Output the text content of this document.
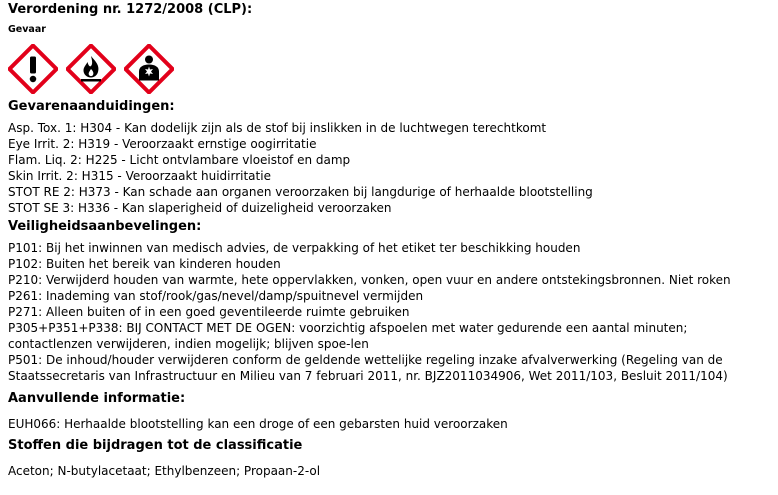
Verordening nr. 1272/2008 (CLP):
Gevaar
Gevarenaanduidingen:
Asp. Tox. 1: H304 - Kan dodelijk zijn als de stof bij inslikken in de luchtwegen terechtkomt
Eye Irrit. 2: H319 - Veroorzaakt ernstige oogirritatie
Flam. Liq. 2: H225 - Licht ontvlambare vloeistof en damp
Skin Irrit. 2: H315 - Veroorzaakt huidirritatie
STOT RE 2: H373 - Kan schade aan organen veroorzaken bij langdurige of herhaalde blootstelling
STOT SE 3: H336 - Kan slaperigheid of duizeligheid veroorzaken
Veiligheidsaanbevelingen:
P101: Bij het inwinnen van medisch advies, de verpakking of het etiket ter beschikking houden
P102: Buiten het bereik van kinderen houden
P210: Verwijderd houden van warmte, hete oppervlakken, vonken, open vuur en andere ontstekingsbronnen. Niet roken
P261: Inademing van stof/rook/gas/nevel/damp/spuitnevel vermijden
P271: Alleen buiten of in een goed geventileerde ruimte gebruiken
P305+P351+P338: BIJ CONTACT MET DE OGEN: voorzichtig afspoelen met water gedurende een aantal minuten; contactlenzen verwijderen, indien mogelijk; blijven spoe-len
P501: De inhoud/houder verwijderen conform de geldende wettelijke regeling inzake afvalverwerking (Regeling van de Staatssecretaris van Infrastructuur en Milieu van 7 februari 2011, nr. BJZ2011034906, Wet 2011/103, Besluit 2011/104)
Aanvullende informatie:
EUH066: Herhaalde blootstelling kan een droge of een gebarsten huid veroorzaken
Stoffen die bijdragen tot de classificatie
Aceton; N-butylacetaat; Ethylbenzeen; Propaan-2-ol
